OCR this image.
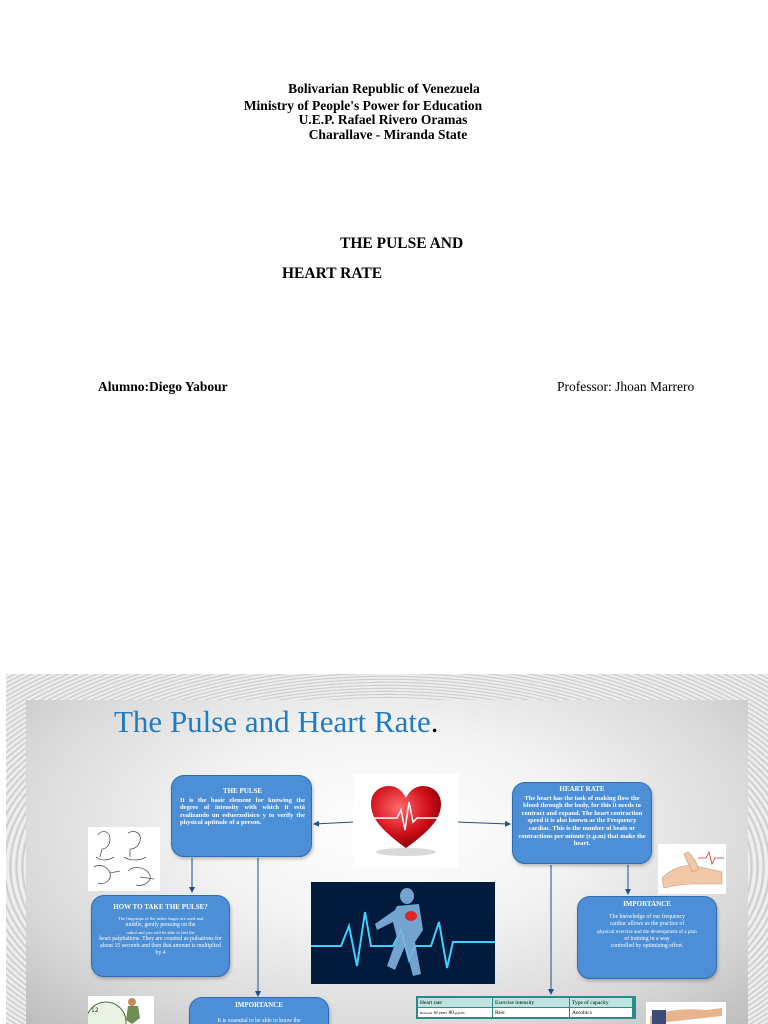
Bolivarian Republic of Venezuela
Ministry of People's Power for Education
U.E.P. Rafael Rivero Oramas
Charallave - Miranda State
THE PULSE AND
HEART RATE
Alumno:Diego Yabour	Professor: Jhoan Marrero
The Pulse and Heart Rate.
THE PULSE
It is the basic element for knowing the degree of intensity with which it está realizando un esfuerzofísico y to verify the physical aptitude of a person.
HEART RATE
The heart has the task of making flow the blood through the body, for this it needs to contract and expand. The heart contraction speed it is also known as the Frequency cardiac. This is the number of beats or contractions per minute (c.p.m) that make the heart.
HOW TO TAKE THE PULSE?
The fingertips of the index finger are used and
middle, gently pressing on the
radial and you will be able to feel the
heart palpitations. They are counted as pulsations for about 15 seconds and then that amount is multiplied by 4
IMPORTANCE
The knowledge of our frequency
cardiac allows us the practice of
physical exercise and the development of a plan
of training in a way
controlled by optimizing effort.
12
IMPORTANCE
It is essential to be able to know the
Heart rate	Exercise intensity	Type of capacity
Between 60 years 80 p.p.m	Rest	Aerobics
